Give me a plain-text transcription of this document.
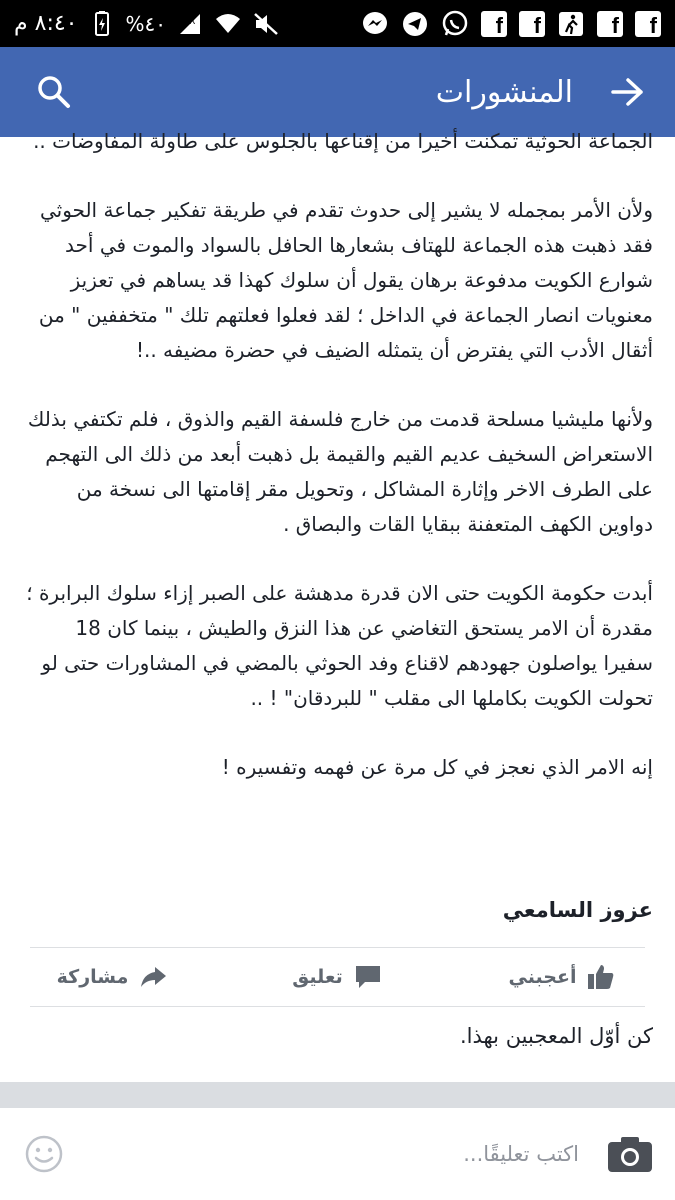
٨:٤٠ م %٤٠	R	f	f	f	f
المنشورات

الجماعة الحوثية تمكنت أخيرا من إقناعها بالجلوس على طاولة المفاوضات ..

ولأن الأمر بمجمله لا يشير إلى حدوث تقدم في طريقة تفكير جماعة الحوثي فقد ذهبت هذه الجماعة للهتاف بشعارها الحافل بالسواد والموت في أحد شوارع الكويت مدفوعة برهان يقول أن سلوك كهذا قد يساهم في تعزيز معنويات انصار الجماعة في الداخل ؛ لقد فعلوا فعلتهم تلك " متخففين " من أثقال الأدب التي يفترض أن يتمثله الضيف في حضرة مضيفه ..!

ولأنها مليشيا مسلحة قدمت من خارج فلسفة القيم والذوق ، فلم تكتفي بذلك الاستعراض السخيف عديم القيم والقيمة بل ذهبت أبعد من ذلك الى التهجم على الطرف الاخر وإثارة المشاكل ، وتحويل مقر إقامتها الى نسخة من دواوين الكهف المتعفنة ببقايا القات والبصاق .

أبدت حكومة الكويت حتى الان قدرة مدهشة على الصبر إزاء سلوك البرابرة ؛ مقدرة أن الامر يستحق التغاضي عن هذا النزق والطيش ، بينما كان 18 سفيرا يواصلون جهودهم لاقناع وفد الحوثي بالمضي في المشاورات حتى لو تحولت الكويت بكاملها الى مقلب " للبردقان" ! ..

إنه الامر الذي نعجز في كل مرة عن فهمه وتفسيره !

عزوز السامعي
مشاركة	تعليق	أعجبني
كن أوّل المعجبين بهذا.
اكتب تعليقًا...
